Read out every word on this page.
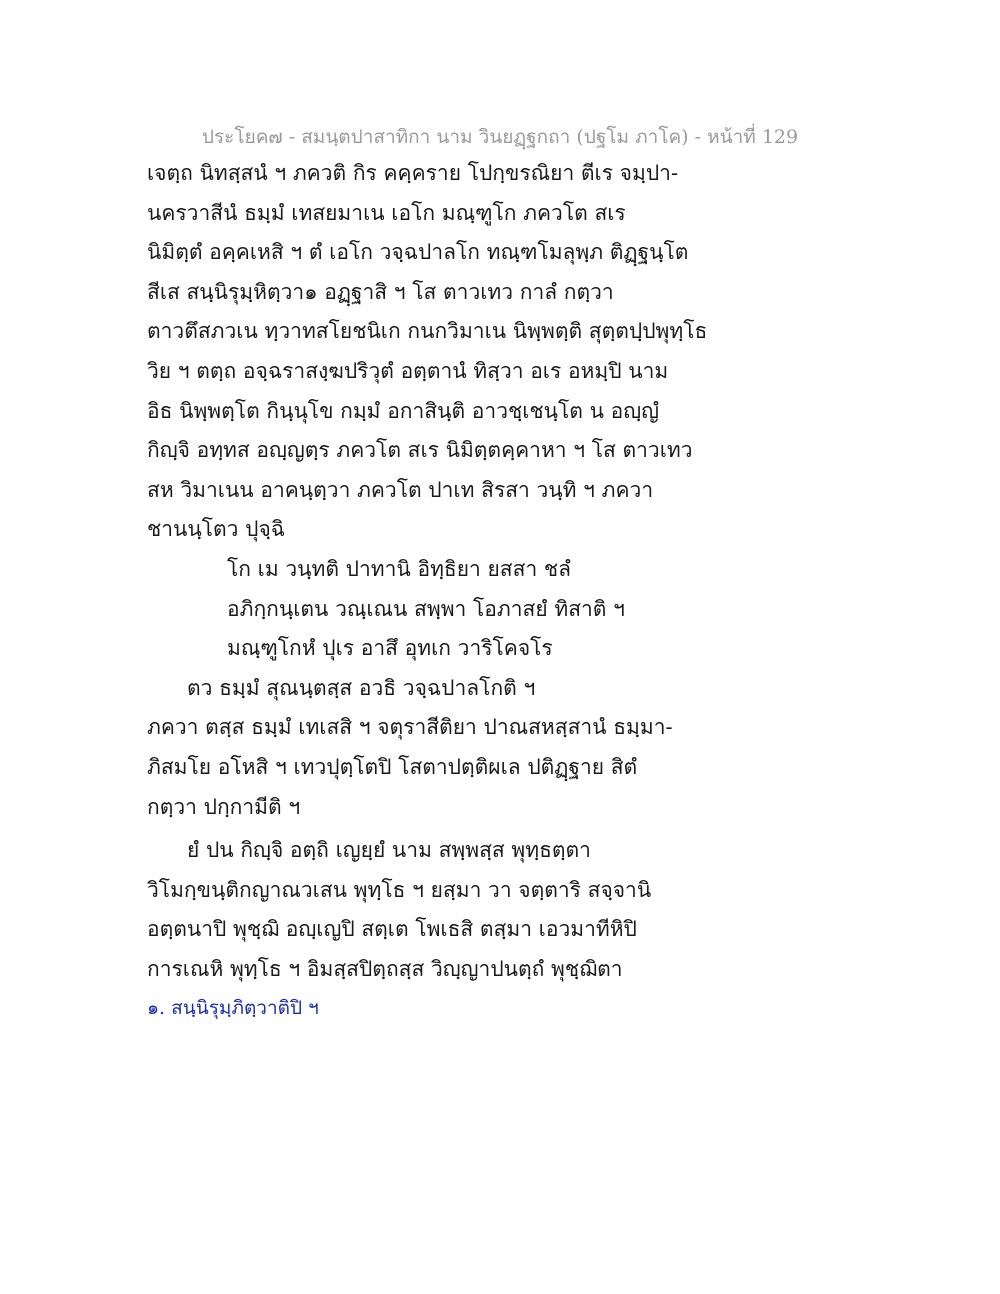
ประโยค๗ - สมนฺตปาสาทิกา นาม วินยฏฺฐกถา (ปฐโม ภาโค) - หน้าที่ 129
เจตฺถ นิทสฺสนํ ฯ ภควติ กิร คคฺคราย โปกฺขรณิยา ตีเร จมฺปา-
นครวาสีนํ ธมฺมํ เทสยมาเน เอโก มณฺฑูโก ภควโต สเร
นิมิตฺตํ อคฺคเหสิ ฯ ตํ เอโก วจฺฉปาลโก ทณฺฑโมลุพฺภ ติฏฺฐนฺโต
สีเส สนฺนิรุมฺหิตฺวา๑ อฏฺฐาสิ ฯ โส ตาวเทว กาลํ กตฺวา
ตาวตึสภวเน ทฺวาทสโยชนิเก กนกวิมาเน นิพฺพตฺติ สุตฺตปฺปพุทฺโธ
วิย ฯ ตตฺถ อจฺฉราสงฺฆปริวุตํ อตฺตานํ ทิสฺวา อเร อหมฺปิ นาม
อิธ นิพฺพตฺโต กินฺนุโข กมฺมํ อกาสินฺติ อาวชฺเชนฺโต น อญฺญํ
กิญฺจิ อทฺทส อญฺญตฺร ภควโต สเร นิมิตฺตคฺคาหา ฯ โส ตาวเทว
สห วิมาเนน อาคนฺตฺวา ภควโต ปาเท สิรสา วนฺทิ ฯ ภควา
ชานนฺโตว ปุจฺฉิ
โก เม วนฺทติ ปาทานิ อิทฺธิยา ยสสา ชลํ
อภิกฺกนฺเตน วณฺเณน สพฺพา โอภาสยํ ทิสาติ ฯ
มณฺฑูโกหํ ปุเร อาสึ อุทเก วาริโคจโร
ตว ธมฺมํ สุณนฺตสฺส อวธิ วจฺฉปาลโกติ ฯ
ภควา ตสฺส ธมฺมํ เทเสสิ ฯ จตุราสีติยา ปาณสหสฺสานํ ธมฺมา-
ภิสมโย อโหสิ ฯ เทวปุตฺโตปิ โสตาปตฺติผเล ปติฏฺฐาย สิตํ
กตฺวา ปกฺกามีติ ฯ
ยํ ปน กิญฺจิ อตฺถิ เญยฺยํ นาม สพฺพสฺส พุทฺธตฺตา
วิโมกฺขนฺติกญาณวเสน พุทฺโธ ฯ ยสฺมา วา จตฺตาริ สจฺจานิ
อตฺตนาปิ พุชฺฌิ อญฺเญปิ สตฺเต โพเธสิ ตสฺมา เอวมาทีหิปิ
การเณหิ พุทฺโธ ฯ อิมสฺสปิตฺถสฺส วิญฺญาปนตฺถํ พุชฺฌิตา
๑. สนฺนิรุมฺภิตฺวาติปิ ฯ
